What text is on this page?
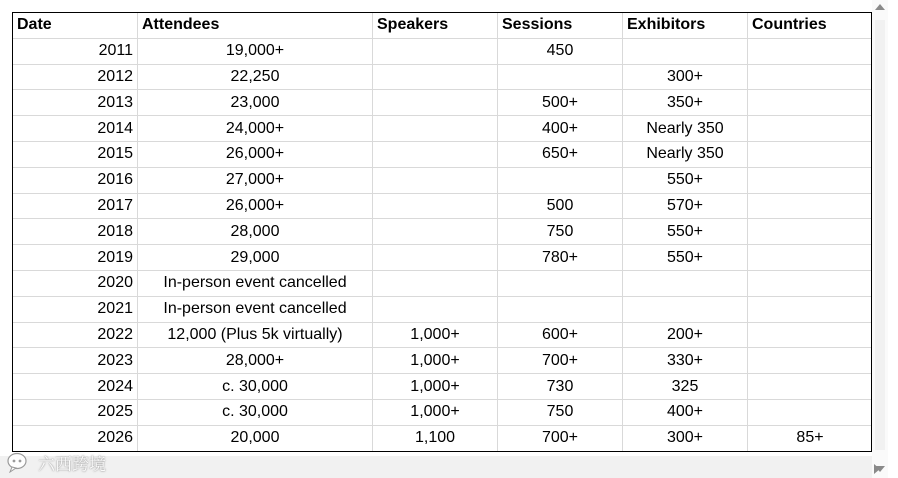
Date	Attendees	Speakers	Sessions	Exhibitors	Countries
2011	19,000+		450		
2012	22,250			300+	
2013	23,000		500+	350+	
2014	24,000+		400+	Nearly 350	
2015	26,000+		650+	Nearly 350	
2016	27,000+			550+	
2017	26,000+		500	570+	
2018	28,000		750	550+	
2019	29,000		780+	550+	
2020	In-person event cancelled				
2021	In-person event cancelled				
2022	12,000 (Plus 5k virtually)	1,000+	600+	200+	
2023	28,000+	1,000+	700+	330+	
2024	c. 30,000	1,000+	730	325	
2025	c. 30,000	1,000+	750	400+	
2026	20,000	1,100	700+	300+	85+
六西跨境
